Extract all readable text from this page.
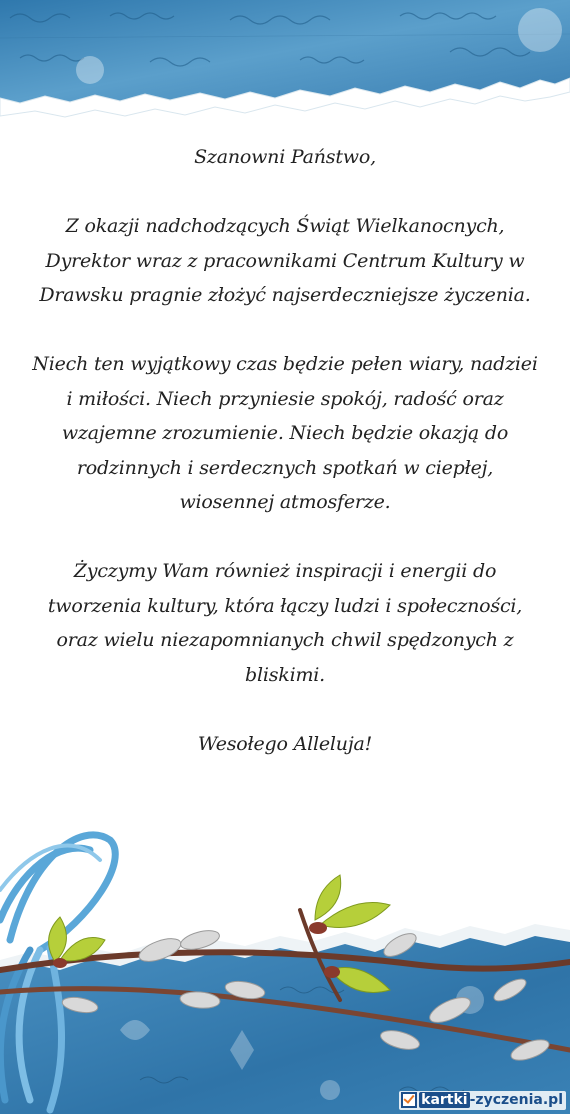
Szanowni Państwo,

Z okazji nadchodzących Świąt Wielkanocnych,

Dyrektor wraz z pracownikami Centrum Kultury w

Drawsku pragnie złożyć najserdeczniejsze życzenia.

Niech ten wyjątkowy czas będzie pełen wiary, nadziei

i miłości. Niech przyniesie spokój, radość oraz

wzajemne zrozumienie. Niech będzie okazją do

rodzinnych i serdecznych spotkań w ciepłej,

wiosennej atmosferze.

Życzymy Wam również inspiracji i energii do

tworzenia kultury, która łączy ludzi i społeczności,

oraz wielu niezapomnianych chwil spędzonych z

bliskimi.

Wesołego Alleluja!

kartki -zyczenia.pl
